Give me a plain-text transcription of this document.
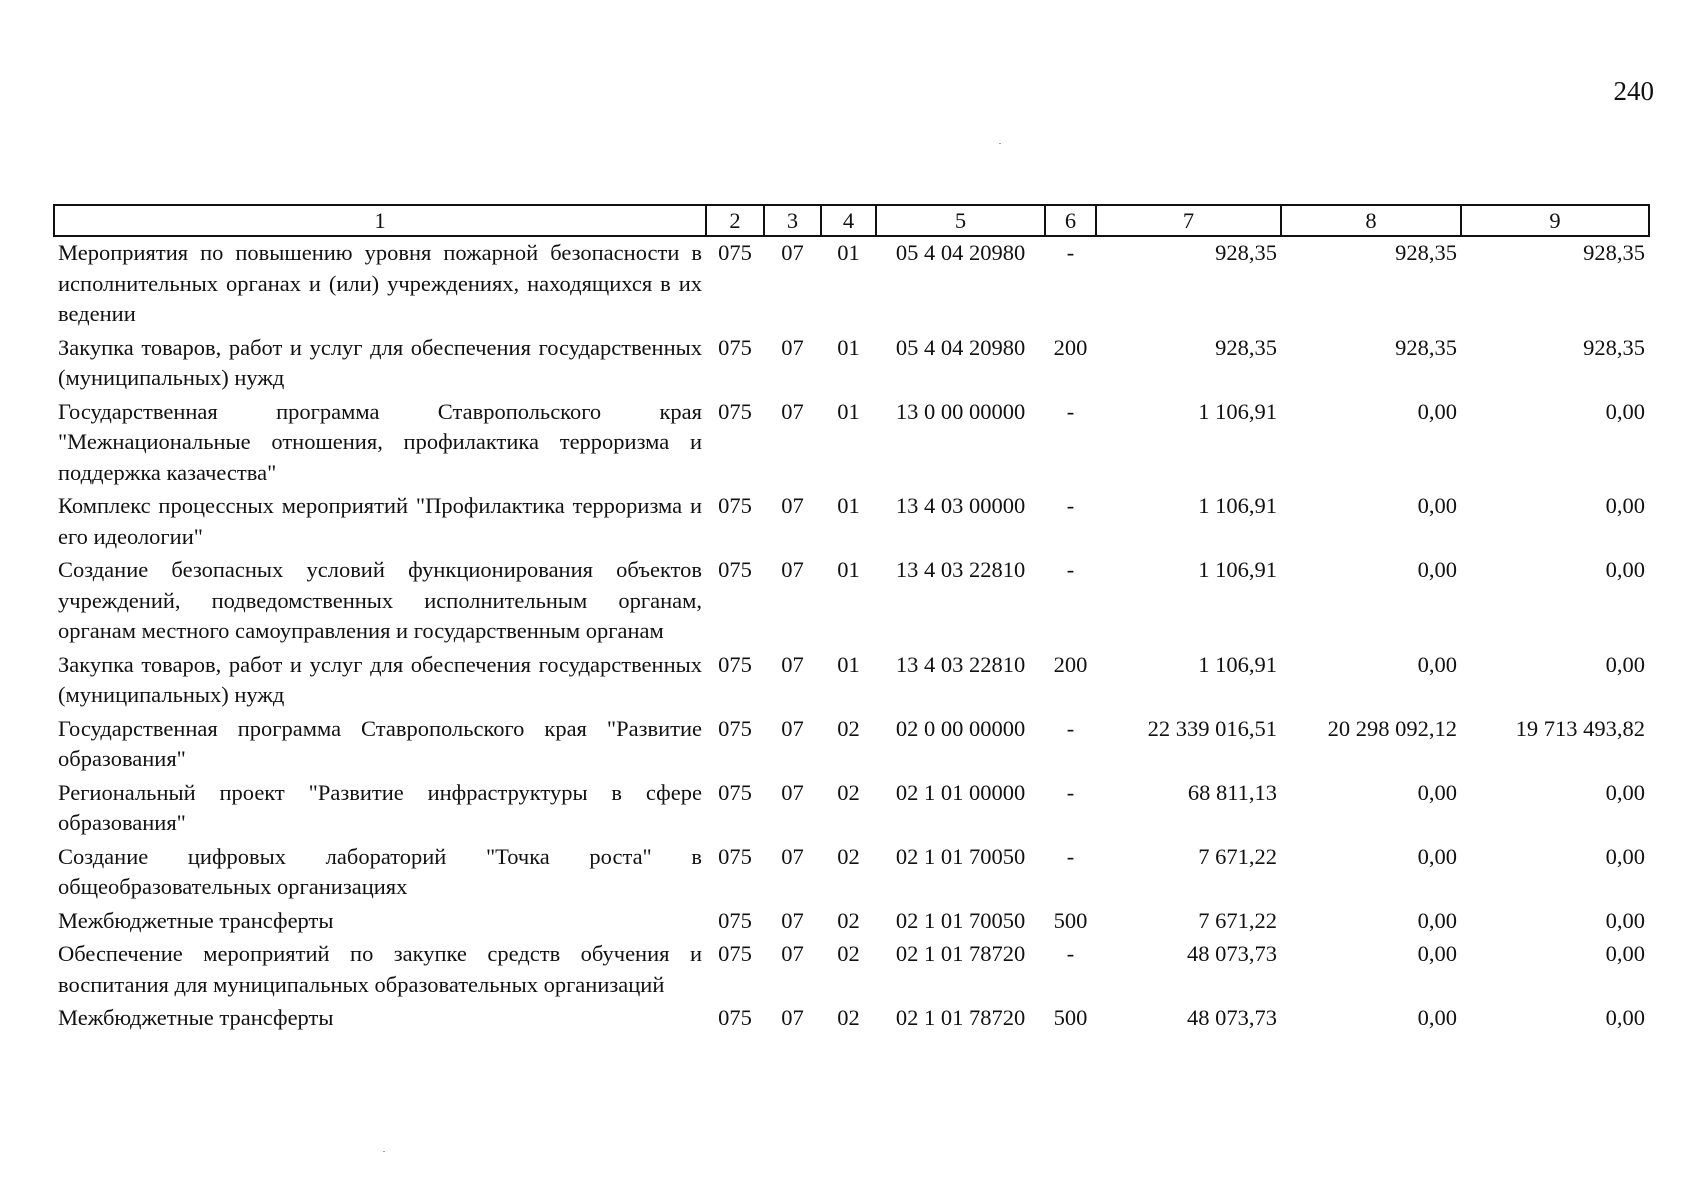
240
1	2	3	4	5	6	7	8	9
Мероприятия по повышению уровня пожарной безопасности в исполнительных органах и (или) учреждениях, находящихся в их ведении	075	07	01	05 4 04 20980	-	928,35	928,35	928,35
Закупка товаров, работ и услуг для обеспечения государственных (муниципальных) нужд	075	07	01	05 4 04 20980	200	928,35	928,35	928,35
Государственная программа Ставропольского края "Межнациональные отношения, профилактика терроризма и поддержка казачества"	075	07	01	13 0 00 00000	-	1 106,91	0,00	0,00
Комплекс процессных мероприятий "Профилактика терроризма и его идеологии"	075	07	01	13 4 03 00000	-	1 106,91	0,00	0,00
Создание безопасных условий функционирования объектов учреждений, подведомственных исполнительным органам, органам местного самоуправления и государственным органам	075	07	01	13 4 03 22810	-	1 106,91	0,00	0,00
Закупка товаров, работ и услуг для обеспечения государственных (муниципальных) нужд	075	07	01	13 4 03 22810	200	1 106,91	0,00	0,00
Государственная программа Ставропольского края "Развитие образования"	075	07	02	02 0 00 00000	-	22 339 016,51	20 298 092,12	19 713 493,82
Региональный проект "Развитие инфраструктуры в сфере образования"	075	07	02	02 1 01 00000	-	68 811,13	0,00	0,00
Создание цифровых лабораторий "Точка роста" в общеобразовательных организациях	075	07	02	02 1 01 70050	-	7 671,22	0,00	0,00
Межбюджетные трансферты	075	07	02	02 1 01 70050	500	7 671,22	0,00	0,00
Обеспечение мероприятий по закупке средств обучения и воспитания для муниципальных образовательных организаций	075	07	02	02 1 01 78720	-	48 073,73	0,00	0,00
Межбюджетные трансферты	075	07	02	02 1 01 78720	500	48 073,73	0,00	0,00
